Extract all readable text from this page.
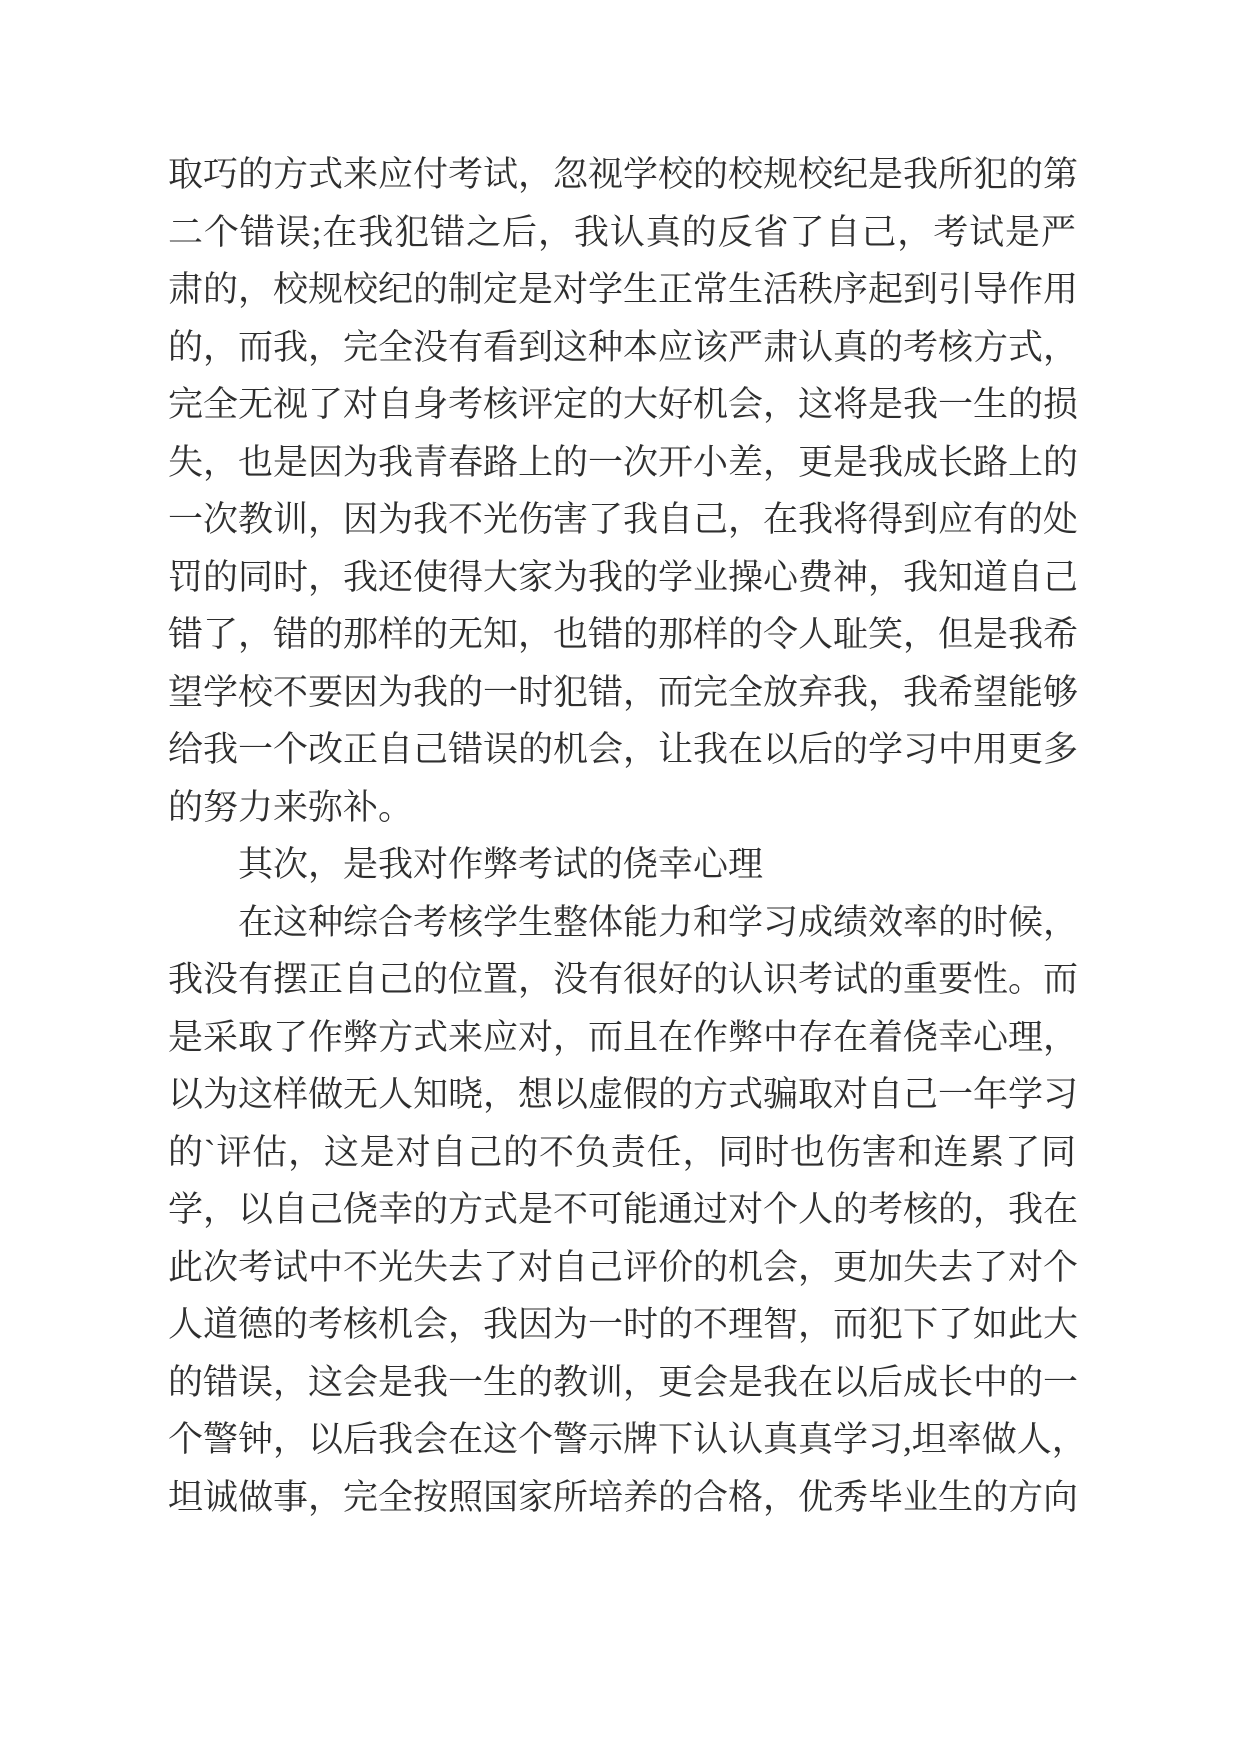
取巧的方式来应付考试，忽视学校的校规校纪是我所犯的第
二个错误;在我犯错之后，我认真的反省了自己，考试是严
肃的，校规校纪的制定是对学生正常生活秩序起到引导作用
的，而我，完全没有看到这种本应该严肃认真的考核方式，
完全无视了对自身考核评定的大好机会，这将是我一生的损
失，也是因为我青春路上的一次开小差，更是我成长路上的
一次教训，因为我不光伤害了我自己，在我将得到应有的处
罚的同时，我还使得大家为我的学业操心费神，我知道自己
错了，错的那样的无知，也错的那样的令人耻笑，但是我希
望学校不要因为我的一时犯错，而完全放弃我，我希望能够
给我一个改正自己错误的机会，让我在以后的学习中用更多
的努力来弥补。
其次，是我对作弊考试的侥幸心理
在这种综合考核学生整体能力和学习成绩效率的时候，
我没有摆正自己的位置，没有很好的认识考试的重要性。而
是采取了作弊方式来应对，而且在作弊中存在着侥幸心理，
以为这样做无人知晓，想以虚假的方式骗取对自己一年学习
的`评估，这是对自己的不负责任，同时也伤害和连累了同
学，以自己侥幸的方式是不可能通过对个人的考核的，我在
此次考试中不光失去了对自己评价的机会，更加失去了对个
人道德的考核机会，我因为一时的不理智，而犯下了如此大
的错误，这会是我一生的教训，更会是我在以后成长中的一
个警钟，以后我会在这个警示牌下认认真真学习,坦率做人，
坦诚做事，完全按照国家所培养的合格，优秀毕业生的方向
